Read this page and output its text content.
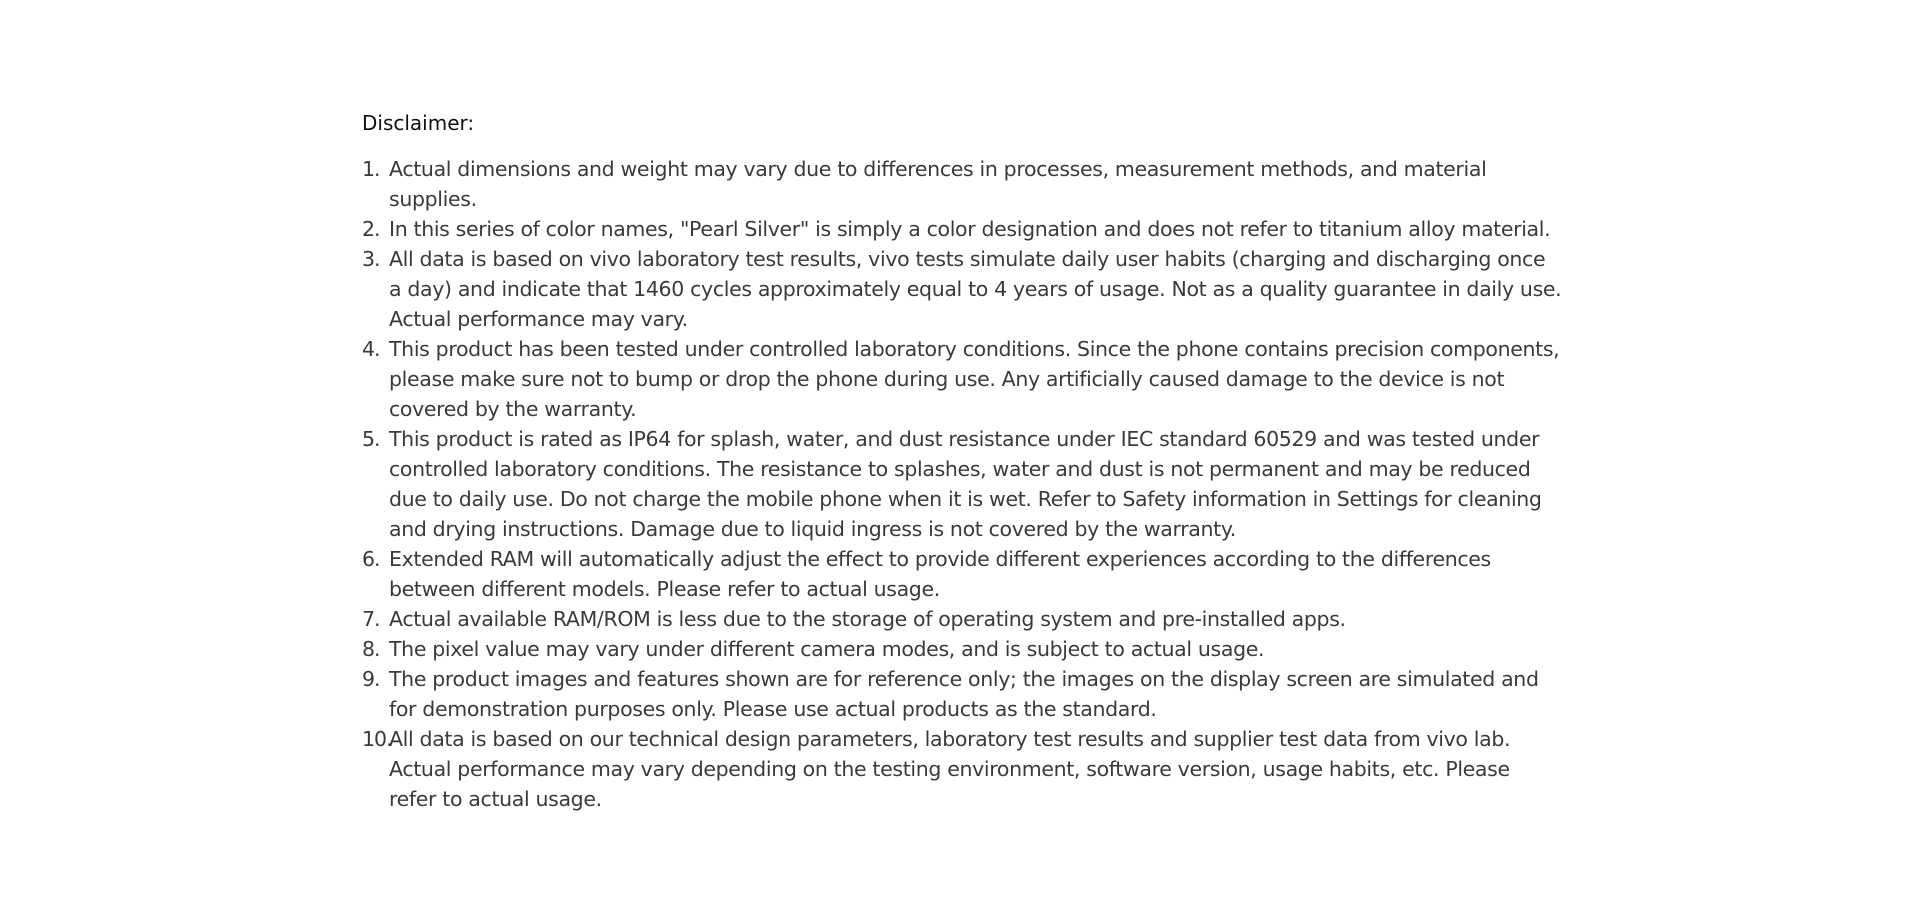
Disclaimer:
1. Actual dimensions and weight may vary due to differences in processes, measurement methods, and material supplies.
2. In this series of color names, "Pearl Silver" is simply a color designation and does not refer to titanium alloy material.
3. All data is based on vivo laboratory test results, vivo tests simulate daily user habits (charging and discharging once a day) and indicate that 1460 cycles approximately equal to 4 years of usage. Not as a quality guarantee in daily use. Actual performance may vary.
4. This product has been tested under controlled laboratory conditions. Since the phone contains precision components, please make sure not to bump or drop the phone during use. Any artificially caused damage to the device is not covered by the warranty.
5. This product is rated as IP64 for splash, water, and dust resistance under IEC standard 60529 and was tested under controlled laboratory conditions. The resistance to splashes, water and dust is not permanent and may be reduced due to daily use. Do not charge the mobile phone when it is wet. Refer to Safety information in Settings for cleaning and drying instructions. Damage due to liquid ingress is not covered by the warranty.
6. Extended RAM will automatically adjust the effect to provide different experiences according to the differences between different models. Please refer to actual usage.
7. Actual available RAM/ROM is less due to the storage of operating system and pre-installed apps.
8. The pixel value may vary under different camera modes, and is subject to actual usage.
9. The product images and features shown are for reference only; the images on the display screen are simulated and for demonstration purposes only. Please use actual products as the standard.
10.
All data is based on our technical design parameters, laboratory test results and supplier test data from vivo lab. Actual performance may vary depending on the testing environment, software version, usage habits, etc. Please refer to actual usage.
